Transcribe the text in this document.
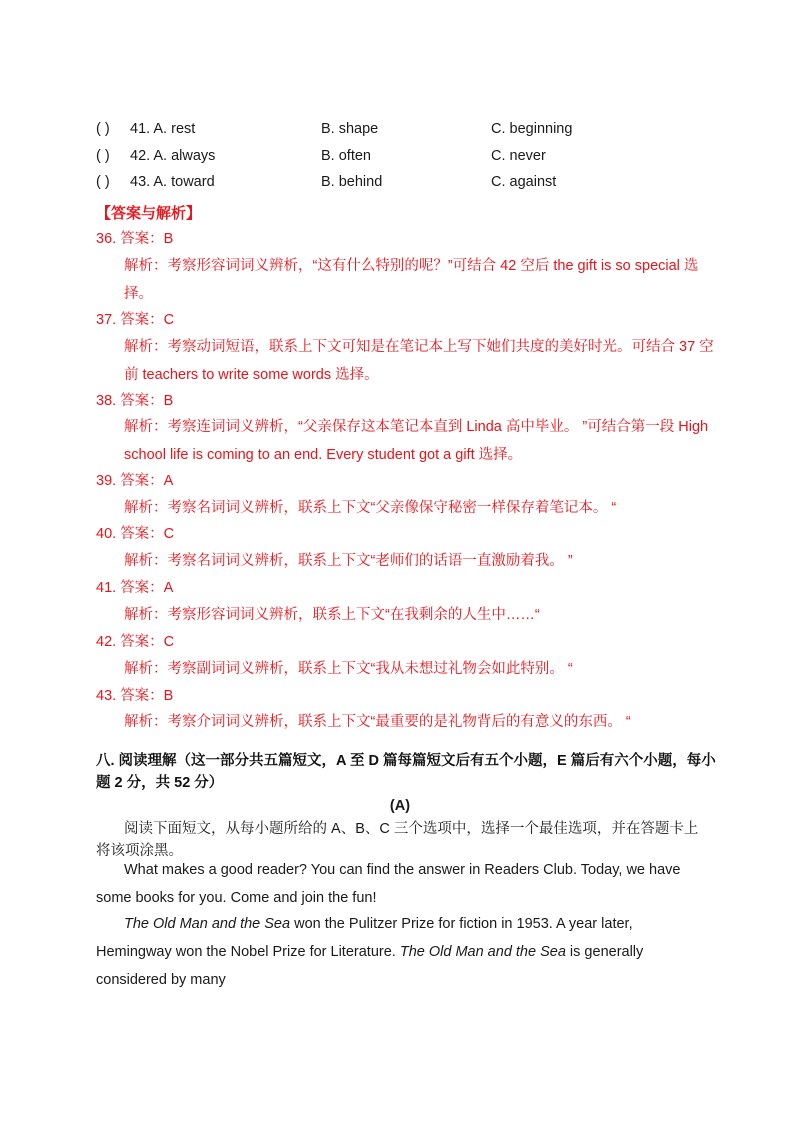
( ) 41. A. rest	B. shape	C. beginning
( ) 42. A. always	B. often	C. never
( ) 43. A. toward	B. behind	C. against
【答案与解析】
36. 答案：B
解析：考察形容词词义辨析，“这有什么特别的呢？”可结合 42 空后 the gift is so special 选择。
37. 答案：C
解析：考察动词短语，联系上下文可知是在笔记本上写下她们共度的美好时光。可结合 37 空前 teachers to write some words 选择。
38. 答案：B
解析：考察连词词义辨析，“父亲保存这本笔记本直到 Linda 高中毕业。 ”可结合第一段 High school life is coming to an end. Every student got a gift 选择。
39. 答案：A
解析：考察名词词义辨析，联系上下文“父亲像保守秘密一样保存着笔记本。 “
40. 答案：C
解析：考察名词词义辨析，联系上下文“老师们的话语一直激励着我。 ”
41. 答案：A
解析：考察形容词词义辨析，联系上下文“在我剩余的人生中……“
42. 答案：C
解析：考察副词词义辨析，联系上下文“我从未想过礼物会如此特别。 “
43. 答案：B
解析：考察介词词义辨析，联系上下文“最重要的是礼物背后的有意义的东西。 “
八. 阅读理解（这一部分共五篇短文，A 至 D 篇每篇短文后有五个小题，E 篇后有六个小题，每小题 2 分，共 52 分）
(A)
阅读下面短文，从每小题所给的 A、B、C 三个选项中，选择一个最佳选项，并在答题卡上将该项涂黑。
What makes a good reader? You can find the answer in Readers Club. Today, we have some books for you. Come and join the fun!
The Old Man and the Sea won the Pulitzer Prize for fiction in 1953. A year later, Hemingway won the Nobel Prize for Literature. The Old Man and the Sea is generally considered by many
